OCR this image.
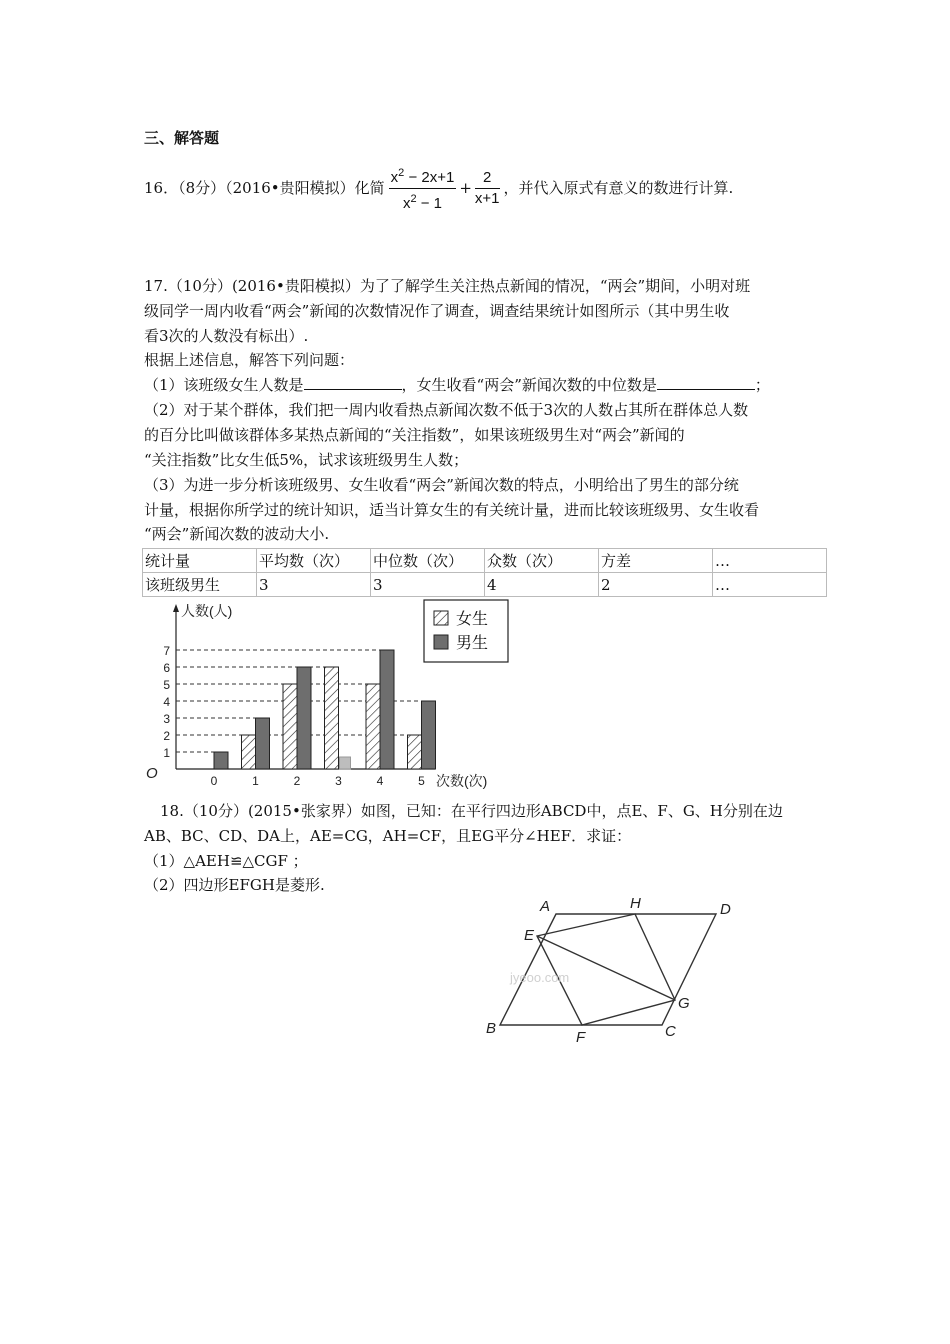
三、解答题
16．（8分）（2016•贵阳模拟）化简 $\frac{x^2 - 2x+1}{x^2 - 1} + \frac{2}{x+1}$ ，并代入原式有意义的数进行计算.
17.（10分）(2016•贵阳模拟）为了了解学生关注热点新闻的情况，“两会”期间，小明对班
级同学一周内收看“两会”新闻的次数情况作了调查，调查结果统计如图所示（其中男生收
看3次的人数没有标出）.
根据上述信息，解答下列问题：
（1）该班级女生人数是	，女生收看“两会”新闻次数的中位数是	；
（2）对于某个群体，我们把一周内收看热点新闻次数不低于3次的人数占其所在群体总人数
的百分比叫做该群体多某热点新闻的“关注指数”，如果该班级男生对“两会”新闻的
“关注指数”比女生低5%，试求该班级男生人数；
（3）为进一步分析该班级男、女生收看“两会”新闻次数的特点，小明给出了男生的部分统
计量，根据你所学过的统计知识，适当计算女生的有关统计量，进而比较该班级男、女生收看
“两会”新闻次数的波动大小.
统计量	平均数（次）	中位数（次）	众数（次）	方差	…
该班级男生	3	3	4	2	…
人数(人)
次数(次)
O
1
2
3
4
5
6
7
0	1	2	3	4	5
女生
男生
18.（10分）(2015•张家界）如图，已知：在平行四边形ABCD中，点E、F、G、H分别在边
AB、BC、CD、DA上，AE=CG，AH=CF，且EG平分∠HEF．求证：
（1）△AEH≌△CGF ；
（2）四边形EFGH是菱形.
jyeoo.com
A	H	D
E
G
B
F	C
